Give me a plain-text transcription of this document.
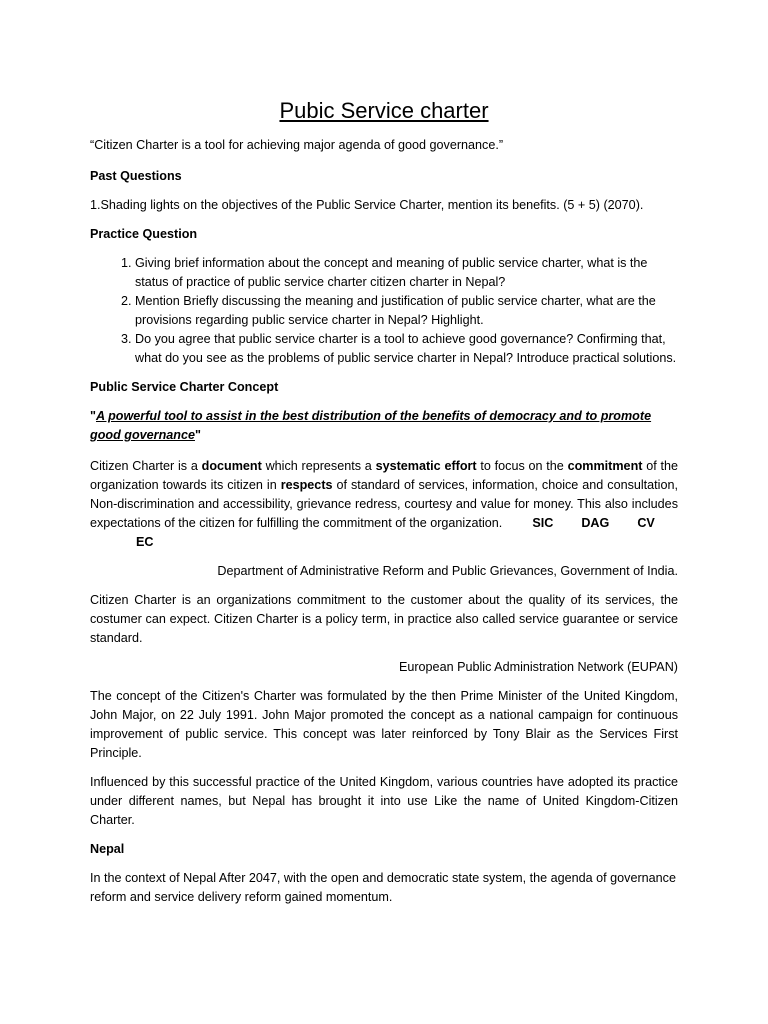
Pubic Service charter

“Citizen Charter is a tool for achieving major agenda of good governance.”

Past Questions

1.Shading lights on the objectives of the Public Service Charter, mention its benefits. (5 + 5) (2070).

Practice Question

1. Giving brief information about the concept and meaning of public service charter, what is the status of practice of public service charter citizen charter in Nepal?
2. Mention Briefly discussing the meaning and justification of public service charter, what are the provisions regarding public service charter in Nepal? Highlight.
3. Do you agree that public service charter is a tool to achieve good governance? Confirming that, what do you see as the problems of public service charter in Nepal? Introduce practical solutions.

Public Service Charter Concept

"A powerful tool to assist in the best distribution of the benefits of democracy and to promote good governance"

Citizen Charter is a document which represents a systematic effort to focus on the commitment of the organization towards its citizen in respects of standard of services, information, choice and consultation, Non-discrimination and accessibility, grievance redress, courtesy and value for money. This also includes expectations of the citizen for fulfilling the commitment of the organization. SIC DAG CV
EC

Department of Administrative Reform and Public Grievances, Government of India.

Citizen Charter is an organizations commitment to the customer about the quality of its services, the costumer can expect. Citizen Charter is a policy term, in practice also called service guarantee or service standard.

European Public Administration Network (EUPAN)

The concept of the Citizen's Charter was formulated by the then Prime Minister of the United Kingdom, John Major, on 22 July 1991. John Major promoted the concept as a national campaign for continuous improvement of public service. This concept was later reinforced by Tony Blair as the Services First Principle.

Influenced by this successful practice of the United Kingdom, various countries have adopted its practice under different names, but Nepal has brought it into use Like the name of United Kingdom-Citizen Charter.

Nepal

In the context of Nepal After 2047, with the open and democratic state system, the agenda of governance reform and service delivery reform gained momentum.
